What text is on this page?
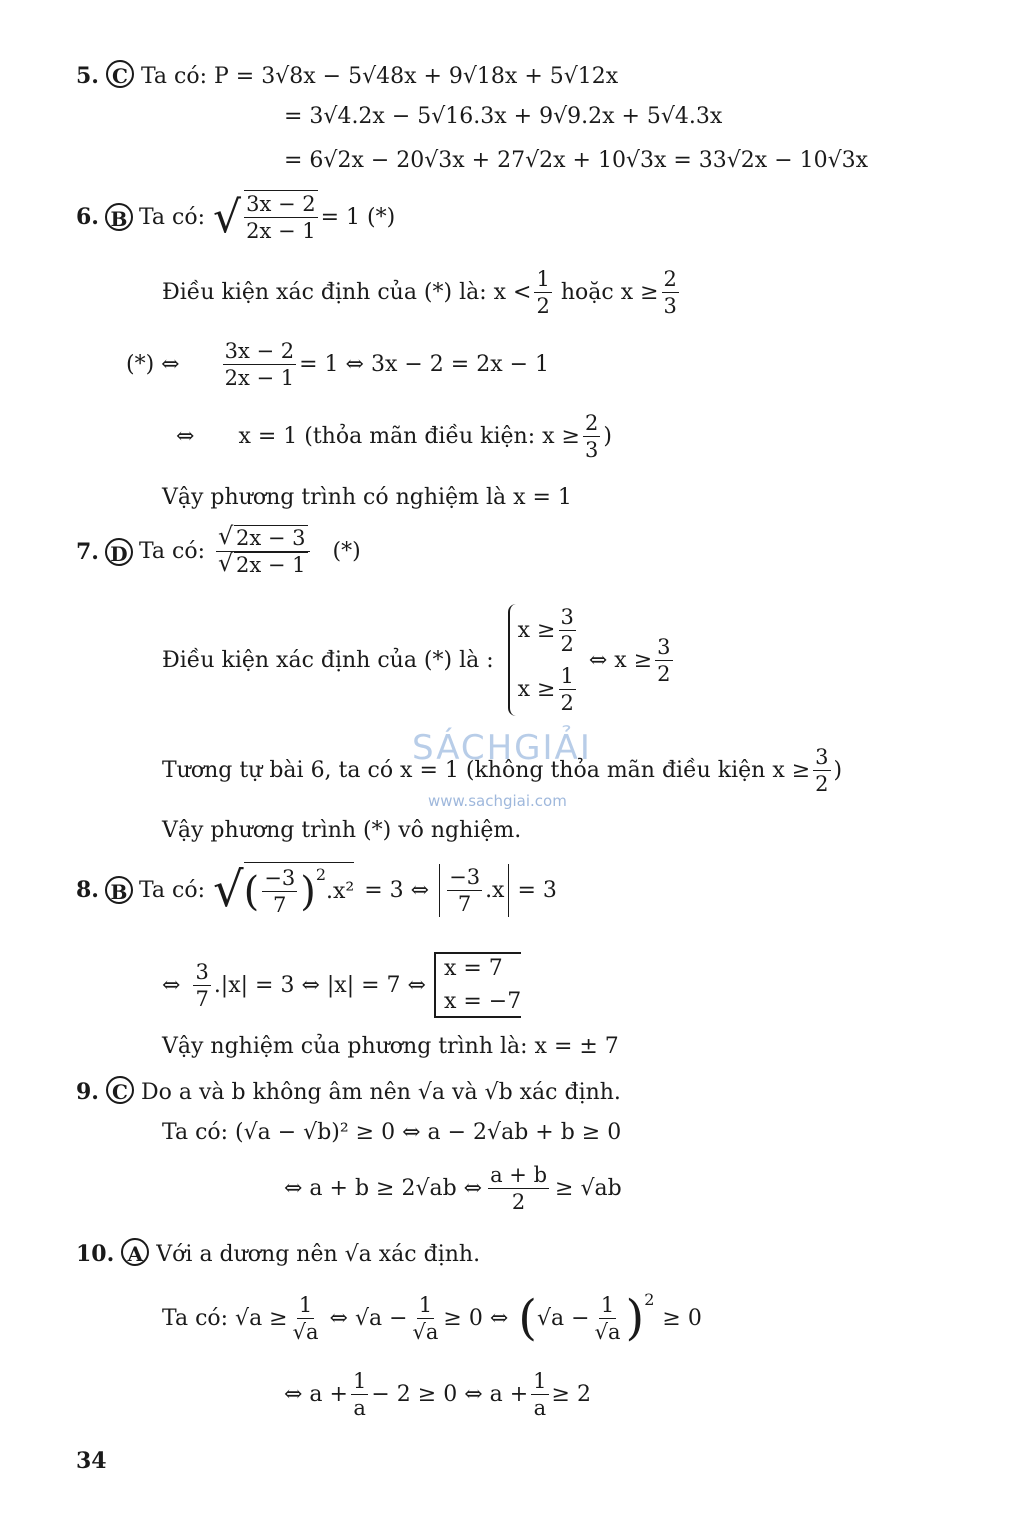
5. C Ta có: P = 3√8x − 5√48x + 9√18x + 5√12x
= 3√4.2x − 5√16.3x + 9√9.2x + 5√4.3x
= 6√2x − 20√3x + 27√2x + 10√3x = 33√2x − 10√3x
6. B Ta có: √ $\frac{3x - 2}{2x - 1} = 1$ (*)
Điều kiện xác định của (*) là: $x < \frac{1}{2}$ hoặc $x \ge \frac{2}{3}$
(*) ⇔ $\frac{3x - 2}{2x - 1} = 1$ ⇔ 3x − 2 = 2x − 1
⇔ x = 1 (thỏa mãn điều kiện: $x \ge \frac{2}{3}$ )
Vậy phương trình có nghiệm là x = 1
7. D Ta có:
√ 2x − 3
√ 2x − 1 (*)
Điều kiện xác định của (*) là :
$x \ge \frac{3}{2}$
$x \ge \frac{1}{2}$
⇔ $x \ge \frac{3}{2}$
SÁCHGIẢI
Tương tự bài 6, ta có x = 1 (không thỏa mãn điều kiện $x \ge \frac{3}{2}$ )
www.sachgiai.com
Vậy phương trình (*) vô nghiệm.
8. B Ta có: √ ( $\frac{-3}{7} )^2$
.x² = 3 ⇔ $\frac{-3}{7} .x = 3$
⇔ $\frac{3}{7} .|x| = 3$ ⇔ |x| = 7 ⇔
x = 7
x = −7
Vậy nghiệm của phương trình là: x = ± 7
9. C Do a và b không âm nên √a và √b xác định.
Ta có: (√a − √b)² ≥ 0 ⇔ a − 2√ab + b ≥ 0
⇔ a + b ≥ 2√ab ⇔ $\frac{a + b}{2} \ge √ab$
10. A Với a dương nên √a xác định.
Ta có: $√a \ge \frac{1}{√a}$ ⇔ $√a - \frac{1}{√a} \ge 0$ ⇔ ( $√a - \frac{1}{√a} )^2$
≥ 0
⇔ $a + \frac{1}{a} - 2 \ge 0$ ⇔ $a + \frac{1}{a} \ge 2$
34
